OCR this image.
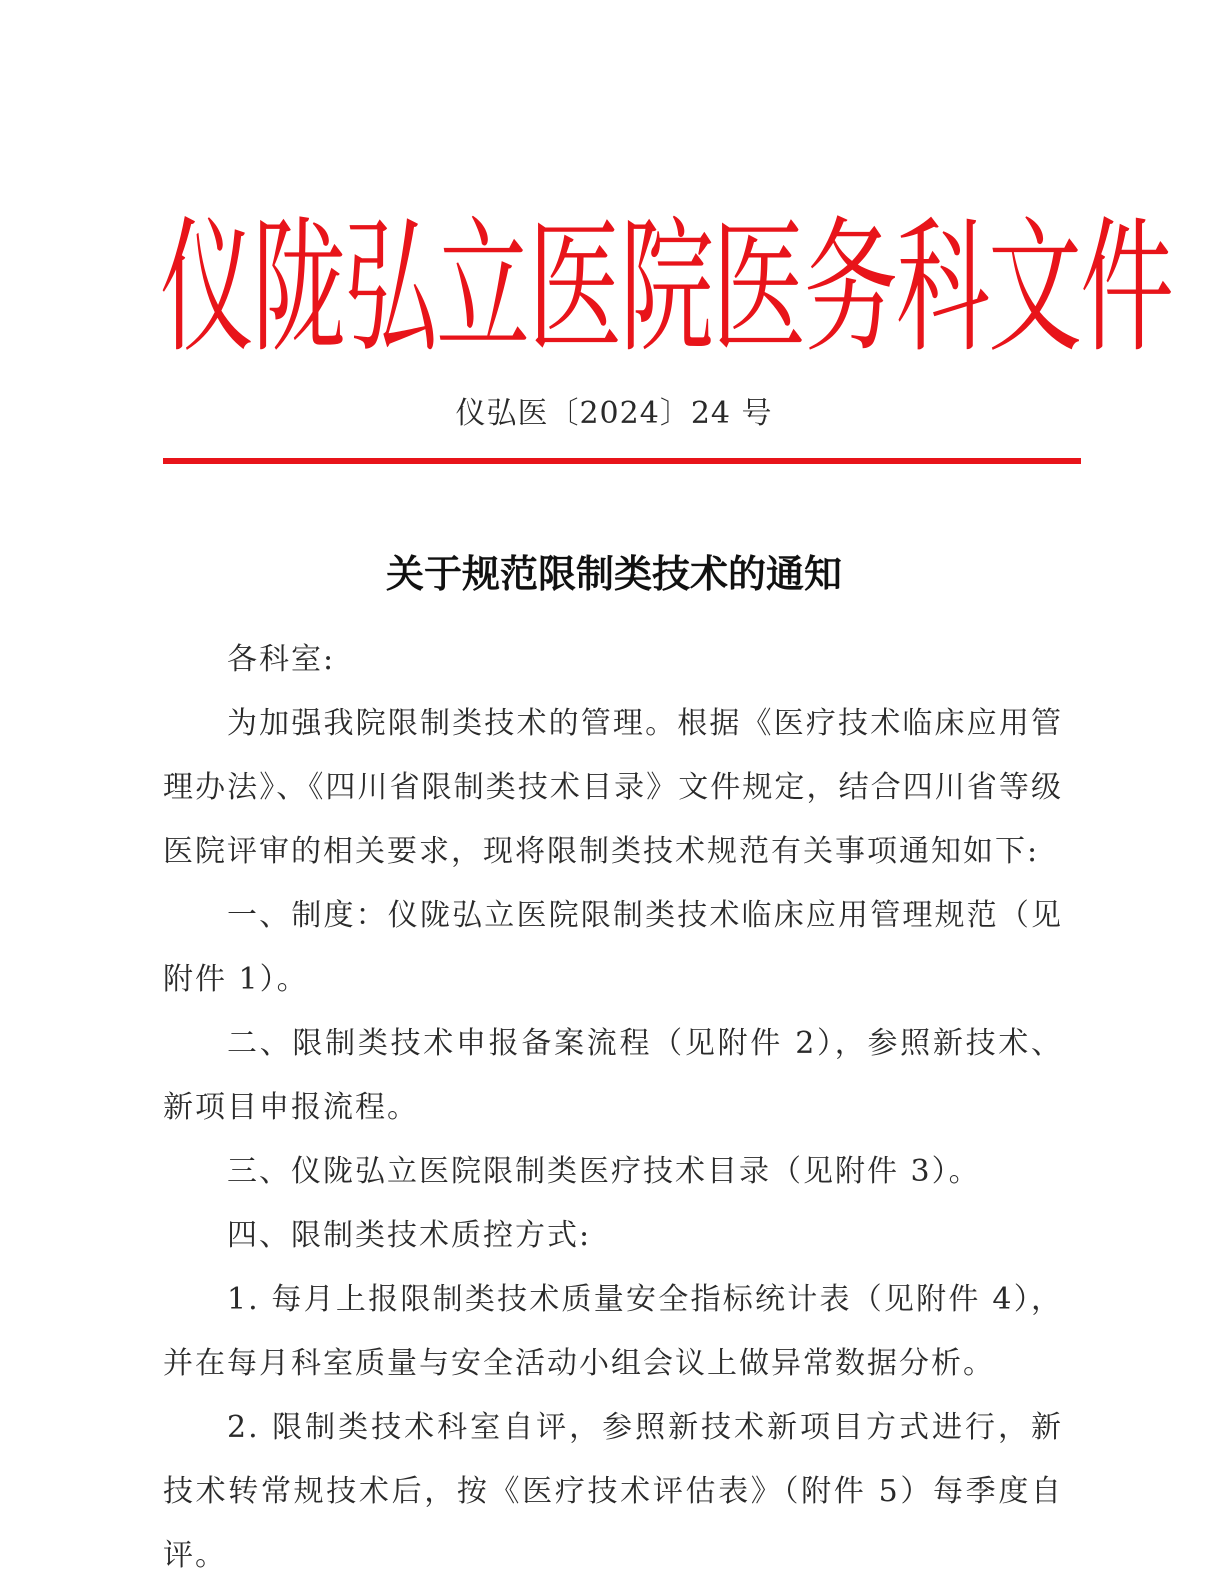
仪陇弘立医院医务科文件
仪弘医〔2024〕24 号
关于规范限制类技术的通知

各科室:

为加强我院限制类技术的管理。根据《医疗技术临床应用管理办法》、《四川省限制类技术目录》文件规定，结合四川省等级医院评审的相关要求，现将限制类技术规范有关事项通知如下:

一、制度：仪陇弘立医院限制类技术临床应用管理规范（见附件 1）。

二、限制类技术申报备案流程（见附件 2），参照新技术、新项目申报流程。

三、仪陇弘立医院限制类医疗技术目录（见附件 3）。

四、限制类技术质控方式:

1. 每月上报限制类技术质量安全指标统计表（见附件 4），并在每月科室质量与安全活动小组会议上做异常数据分析。

2. 限制类技术科室自评，参照新技术新项目方式进行，新技术转常规技术后，按《医疗技术评估表》（附件 5）每季度自评。
